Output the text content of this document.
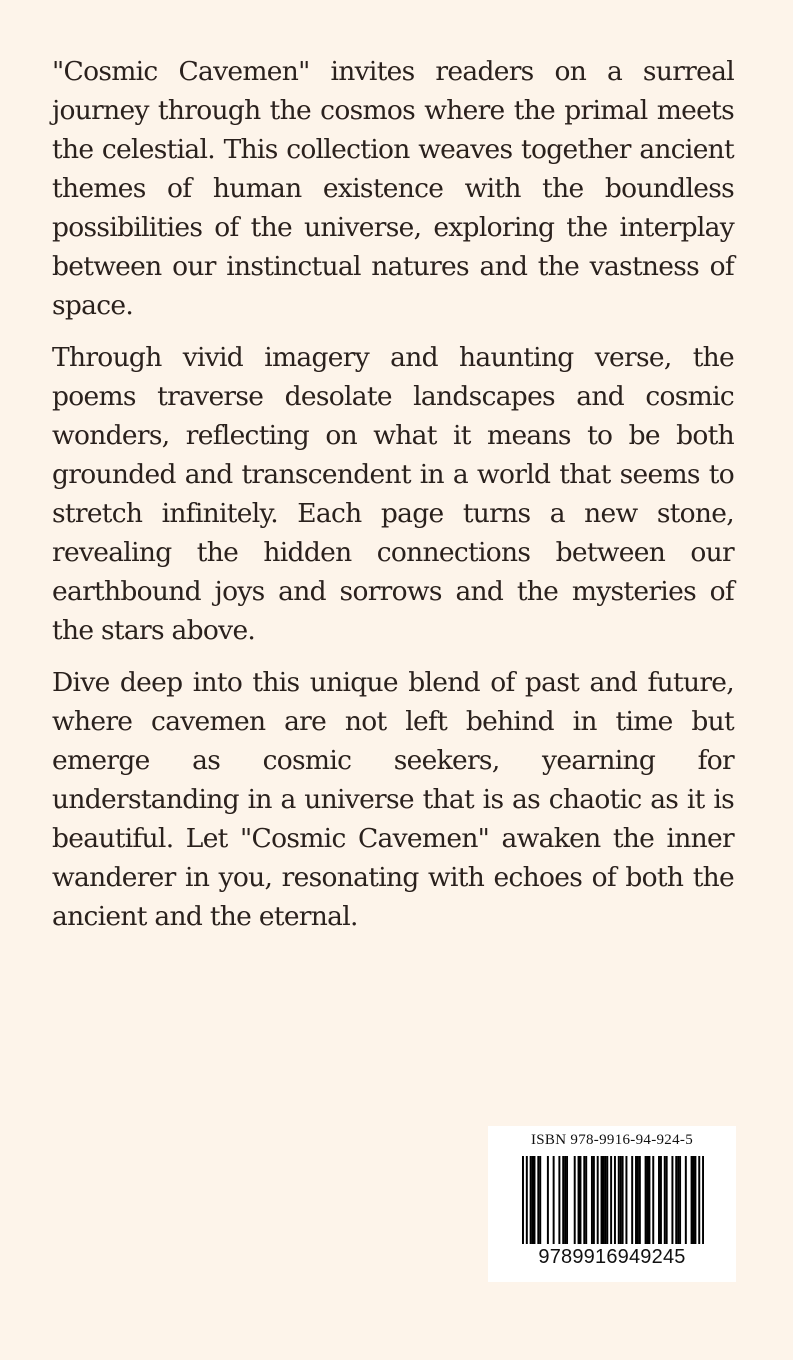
"Cosmic Cavemen" invites readers on a surreal journey through the cosmos where the primal meets the celestial. This collection weaves together ancient themes of human existence with the boundless possibilities of the universe, exploring the interplay between our instinctual natures and the vastness of space.

Through vivid imagery and haunting verse, the poems traverse desolate landscapes and cosmic wonders, reflecting on what it means to be both grounded and transcendent in a world that seems to stretch infinitely. Each page turns a new stone, revealing the hidden connections between our earthbound joys and sorrows and the mysteries of the stars above.

Dive deep into this unique blend of past and future, where cavemen are not left behind in time but emerge as cosmic seekers, yearning for understanding in a universe that is as chaotic as it is beautiful. Let "Cosmic Cavemen" awaken the inner wanderer in you, resonating with echoes of both the ancient and the eternal.

ISBN 978-9916-94-924-5
9789916949245
